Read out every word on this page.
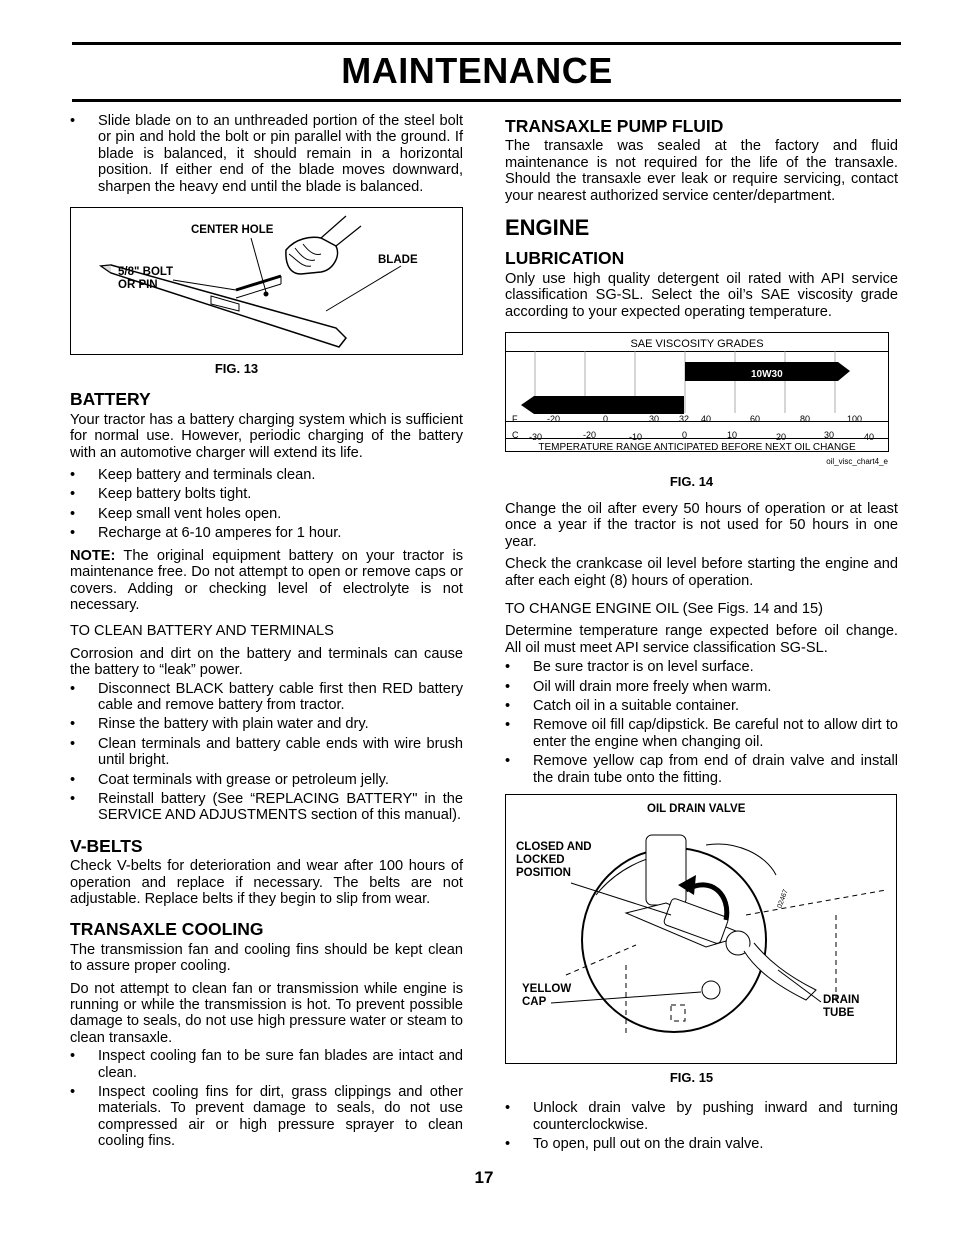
MAINTENANCE
• Slide blade on to an unthreaded portion of the steel bolt or pin and hold the bolt or pin parallel with the ground. If blade is balanced, it should remain in a horizontal position. If either end of the blade moves downward, sharpen the heavy end until the blade is balanced.
CENTER HOLE
5/8" BOLT
OR PIN
BLADE
FIG. 13
BATTERY

Your tractor has a battery charging system which is sufficient for normal use. However, periodic charging of the battery with an automotive charger will extend its life.

• Keep battery and terminals clean.
• Keep battery bolts tight.
• Keep small vent holes open.
• Recharge at 6-10 amperes for 1 hour.

NOTE: The original equipment battery on your tractor is maintenance free. Do not attempt to open or remove caps or covers. Adding or checking level of electrolyte is not necessary.

TO CLEAN BATTERY AND TERMINALS

Corrosion and dirt on the battery and terminals can cause the battery to “leak” power.

• Disconnect BLACK battery cable first then RED battery cable and remove battery from tractor.
• Rinse the battery with plain water and dry.
• Clean terminals and battery cable ends with wire brush until bright.
• Coat terminals with grease or petroleum jelly.
• Reinstall battery (See “REPLACING BATTERY" in the SERVICE AND ADJUSTMENTS section of this manual).
V-BELTS

Check V-belts for deterioration and wear after 100 hours of operation and replace if necessary. The belts are not adjustable. Replace belts if they begin to slip from wear.

TRANSAXLE COOLING

The transmission fan and cooling fins should be kept clean to assure proper cooling.

Do not attempt to clean fan or transmission while engine is running or while the transmission is hot. To prevent possible damage to seals, do not use high pressure water or steam to clean transaxle.

• Inspect cooling fan to be sure fan blades are intact and clean.
• Inspect cooling fins for dirt, grass clippings and other materials. To prevent damage to seals, do not use compressed air or high pressure sprayer to clean cooling fins.
TRANSAXLE PUMP FLUID

The transaxle was sealed at the factory and fluid maintenance is not required for the life of the transaxle. Should the transaxle ever leak or require servicing, contact your nearest authorized service center/department.

ENGINE
LUBRICATION

Only use high quality detergent oil rated with API service classification SG-SL. Select the oil’s SAE viscosity grade according to your expected operating temperature.

SAE VISCOSITY GRADES
5W-30
10W30
F
C
-20	0	30 32 40	60	80	100
-30	-20	-10	0	10	20	30	40
TEMPERATURE RANGE ANTICIPATED BEFORE NEXT OIL CHANGE
oil_visc_chart4_e
FIG. 14

Change the oil after every 50 hours of operation or at least once a year if the tractor is not used for 50 hours in one year.

Check the crankcase oil level before starting the engine and after each eight (8) hours of operation.

TO CHANGE ENGINE OIL (See Figs. 14 and 15)

Determine temperature range expected before oil change. All oil must meet API service classification SG-SL.

• Be sure tractor is on level surface.
• Oil will drain more freely when warm.
• Catch oil in a suitable container.
• Remove oil fill cap/dipstick. Be careful not to allow dirt to enter the engine when changing oil.
• Remove yellow cap from end of drain valve and install the drain tube onto the fitting.
OIL DRAIN VALVE
CLOSED AND
LOCKED
POSITION
YELLOW
CAP	DRAIN
TUBE
02467
FIG. 15
• Unlock drain valve by pushing inward and turning counterclockwise.
• To open, pull out on the drain valve.
17
